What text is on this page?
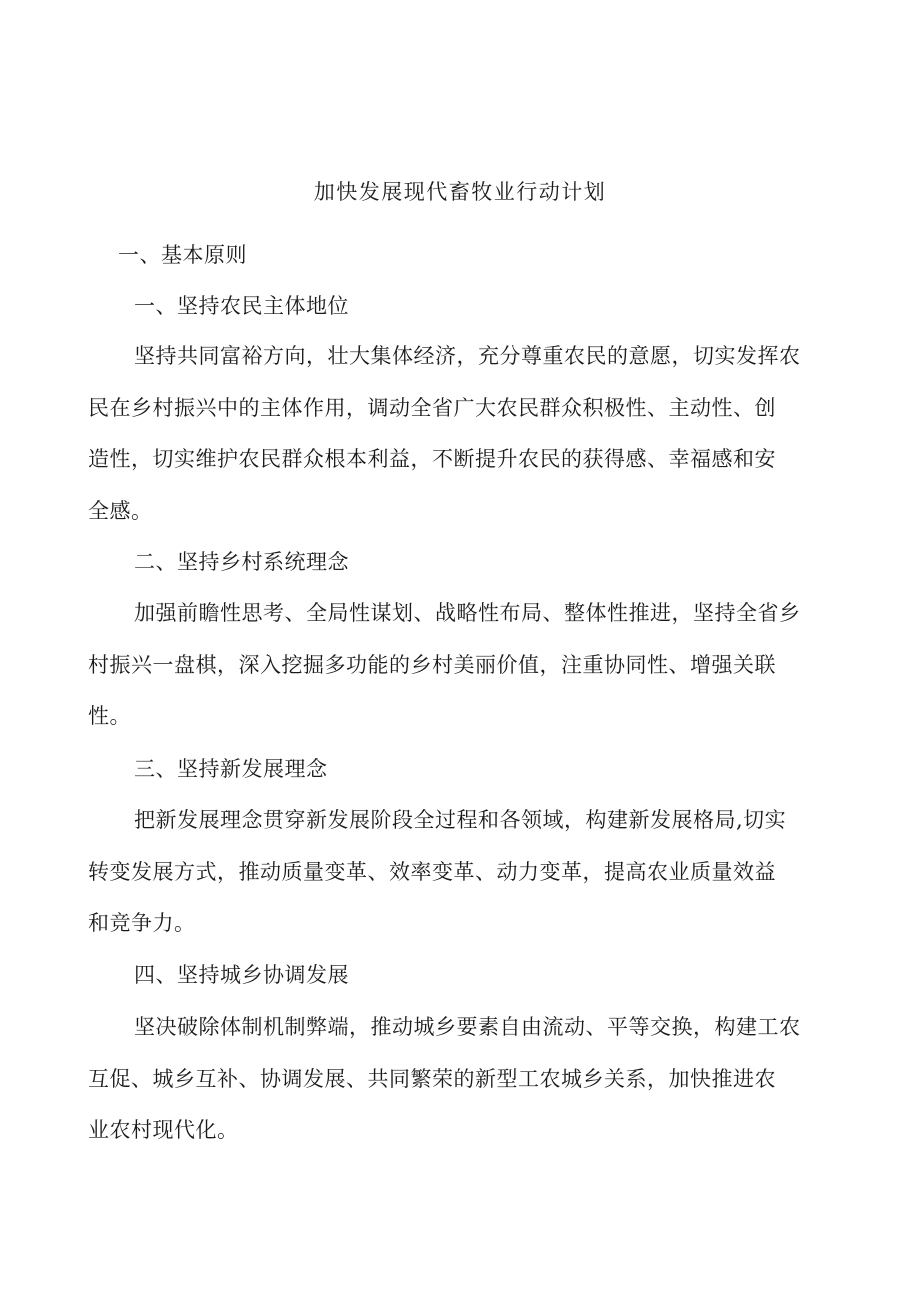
加快发展现代畜牧业行动计划
一、基本原则
一、坚持农民主体地位
坚持共同富裕方向，壮大集体经济，充分尊重农民的意愿，切实发挥农
民在乡村振兴中的主体作用，调动全省广大农民群众积极性、主动性、创
造性，切实维护农民群众根本利益，不断提升农民的获得感、幸福感和安
全感。
二、坚持乡村系统理念
加强前瞻性思考、全局性谋划、战略性布局、整体性推进，坚持全省乡
村振兴一盘棋，深入挖掘多功能的乡村美丽价值，注重协同性、增强关联
性。
三、坚持新发展理念
把新发展理念贯穿新发展阶段全过程和各领域，构建新发展格局,切实
转变发展方式，推动质量变革、效率变革、动力变革，提高农业质量效益
和竞争力。
四、坚持城乡协调发展
坚决破除体制机制弊端，推动城乡要素自由流动、平等交换，构建工农
互促、城乡互补、协调发展、共同繁荣的新型工农城乡关系，加快推进农
业农村现代化。
